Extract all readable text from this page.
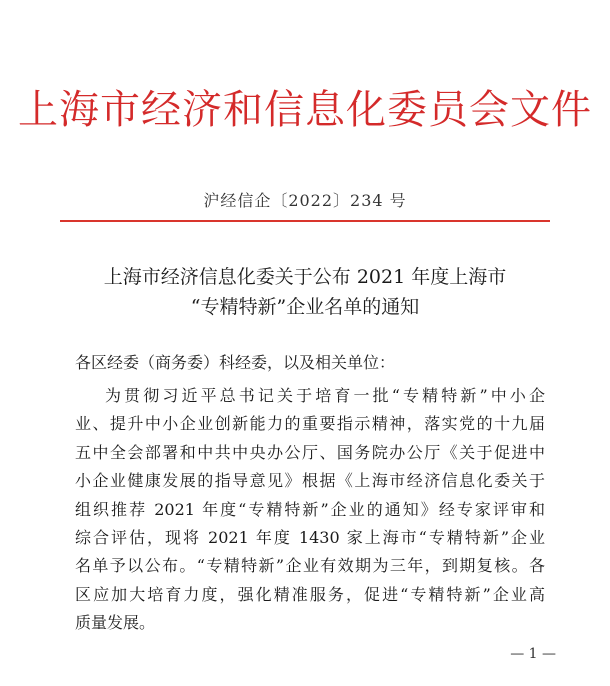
上海市经济和信息化委员会文件
沪经信企〔2022〕234 号
上海市经济信息化委关于公布 2021 年度上海市
“专精特新”企业名单的通知
各区经委（商务委）科经委，以及相关单位：
为贯彻习近平总书记关于培育一批“专精特新”中小企
业、提升中小企业创新能力的重要指示精神，落实党的十九届
五中全会部署和中共中央办公厅、国务院办公厅《关于促进中
小企业健康发展的指导意见》根据《上海市经济信息化委关于
组织推荐 2021 年度“专精特新”企业的通知》经专家评审和
综合评估，现将 2021 年度 1430 家上海市“专精特新”企业
名单予以公布。“专精特新”企业有效期为三年，到期复核。各
区应加大培育力度，强化精准服务，促进“专精特新”企业高
质量发展。
— 1 —
